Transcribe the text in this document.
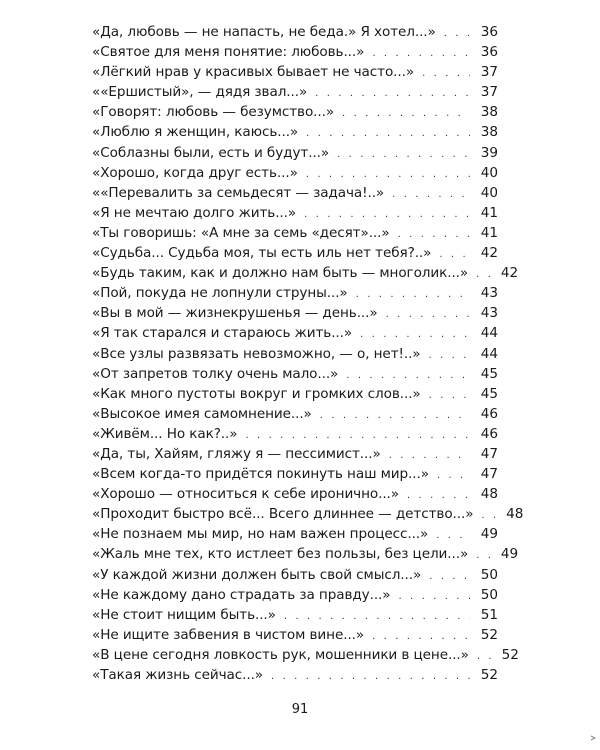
«Да, любовь — не напасть, не беда.» Я хотел...» . . .	36
«Святое для меня понятие: любовь...» . . .	36
«Лёгкий нрав у красивых бывает не часто...» . . .	37
««Ершистый», — дядя звал...» . . .	37
«Говорят: любовь — безумство...» . . .	38
«Люблю я женщин, каюсь...» . . .	38
«Соблазны были, есть и будут...» . . .	39
«Хорошо, когда друг есть...» . . .	40
««Перевалить за семьдесят — задача!..» . . .	40
«Я не мечтаю долго жить...» . . .	41
«Ты говоришь: «А мне за семь «десят»...» . . .	41
«Судьба... Судьба моя, ты есть иль нет тебя?..» . . .	42
«Будь таким, как и должно нам быть — многолик...» . . .	42
«Пой, покуда не лопнули струны...» . . .	43
«Вы в мой — жизнекрушенья — день...» . . .	43
«Я так старался и стараюсь жить...» . . .	44
«Все узлы развязать невозможно, — о, нет!..» . . .	44
«От запретов толку очень мало...» . . .	45
«Как много пустоты вокруг и громких слов...» . . .	45
«Высокое имея самомнение...» . . .	46
«Живём... Но как?..» . . .	46
«Да, ты, Хайям, гляжу я — пессимист...» . . .	47
«Всем когда-то придётся покинуть наш мир...» . . .	47
«Хорошо — относиться к себе иронично...» . . .	48
«Проходит быстро всё... Всего длиннее — детство...» . . .	48
«Не познаем мы мир, но нам важен процесс...» . . .	49
«Жаль мне тех, кто истлеет без пользы, без цели...» . . .	49
«У каждой жизни должен быть свой смысл...» . . .	50
«Не каждому дано страдать за правду...» . . .	50
«Не стоит нищим быть...» . . .	51
«Не ищите забвения в чистом вине...» . . .	52
«В цене сегодня ловкость рук, мошенники в цене...» . . .	52
«Такая жизнь сейчас...» . . .	52
91
